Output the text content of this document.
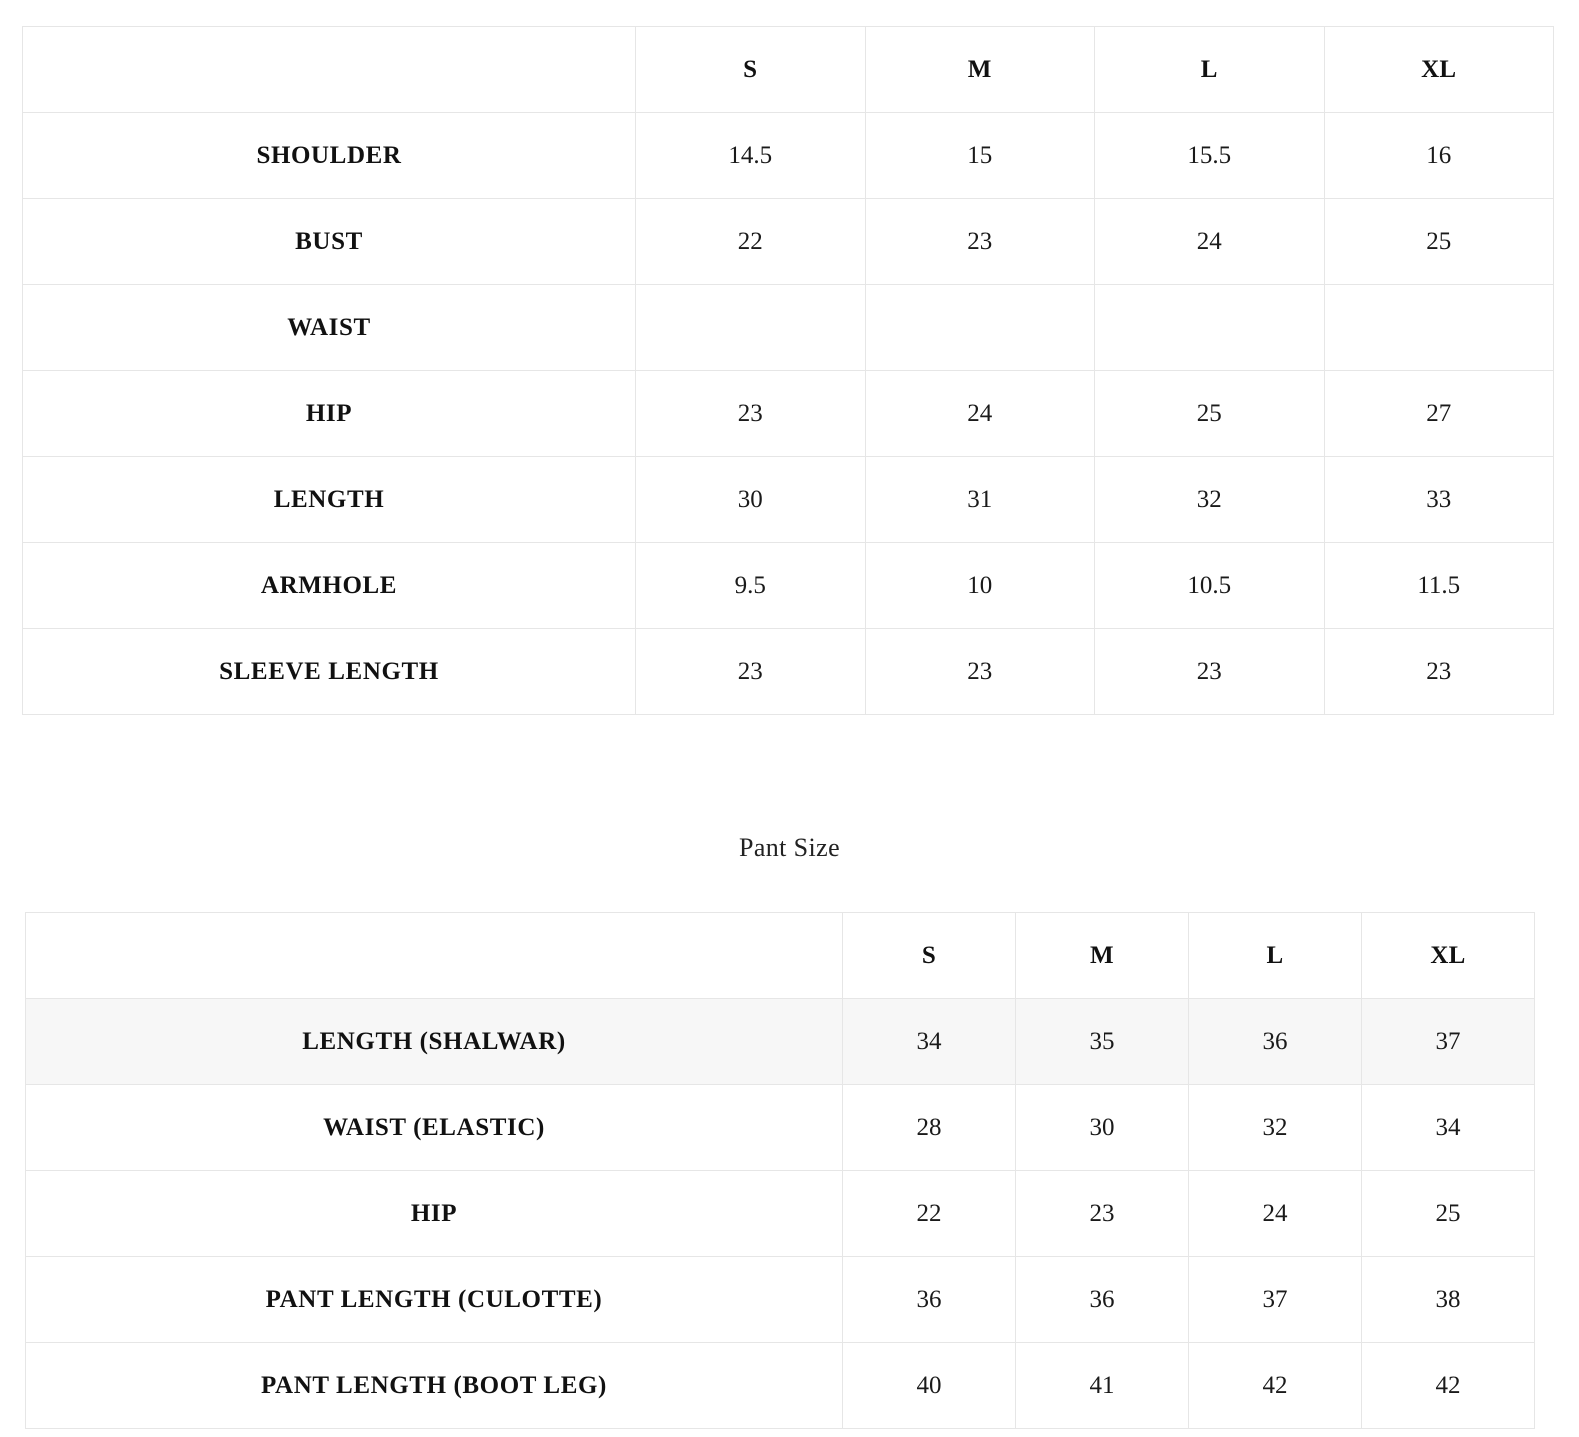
	S	M	L	XL
SHOULDER	14.5	15	15.5	16
BUST	22	23	24	25
WAIST				
HIP	23	24	25	27
LENGTH	30	31	32	33
ARMHOLE	9.5	10	10.5	11.5
SLEEVE LENGTH	23	23	23	23
Pant Size
	S	M	L	XL
LENGTH (SHALWAR)	34	35	36	37
WAIST (ELASTIC)	28	30	32	34
HIP	22	23	24	25
PANT LENGTH (CULOTTE)	36	36	37	38
PANT LENGTH (BOOT LEG)	40	41	42	42
